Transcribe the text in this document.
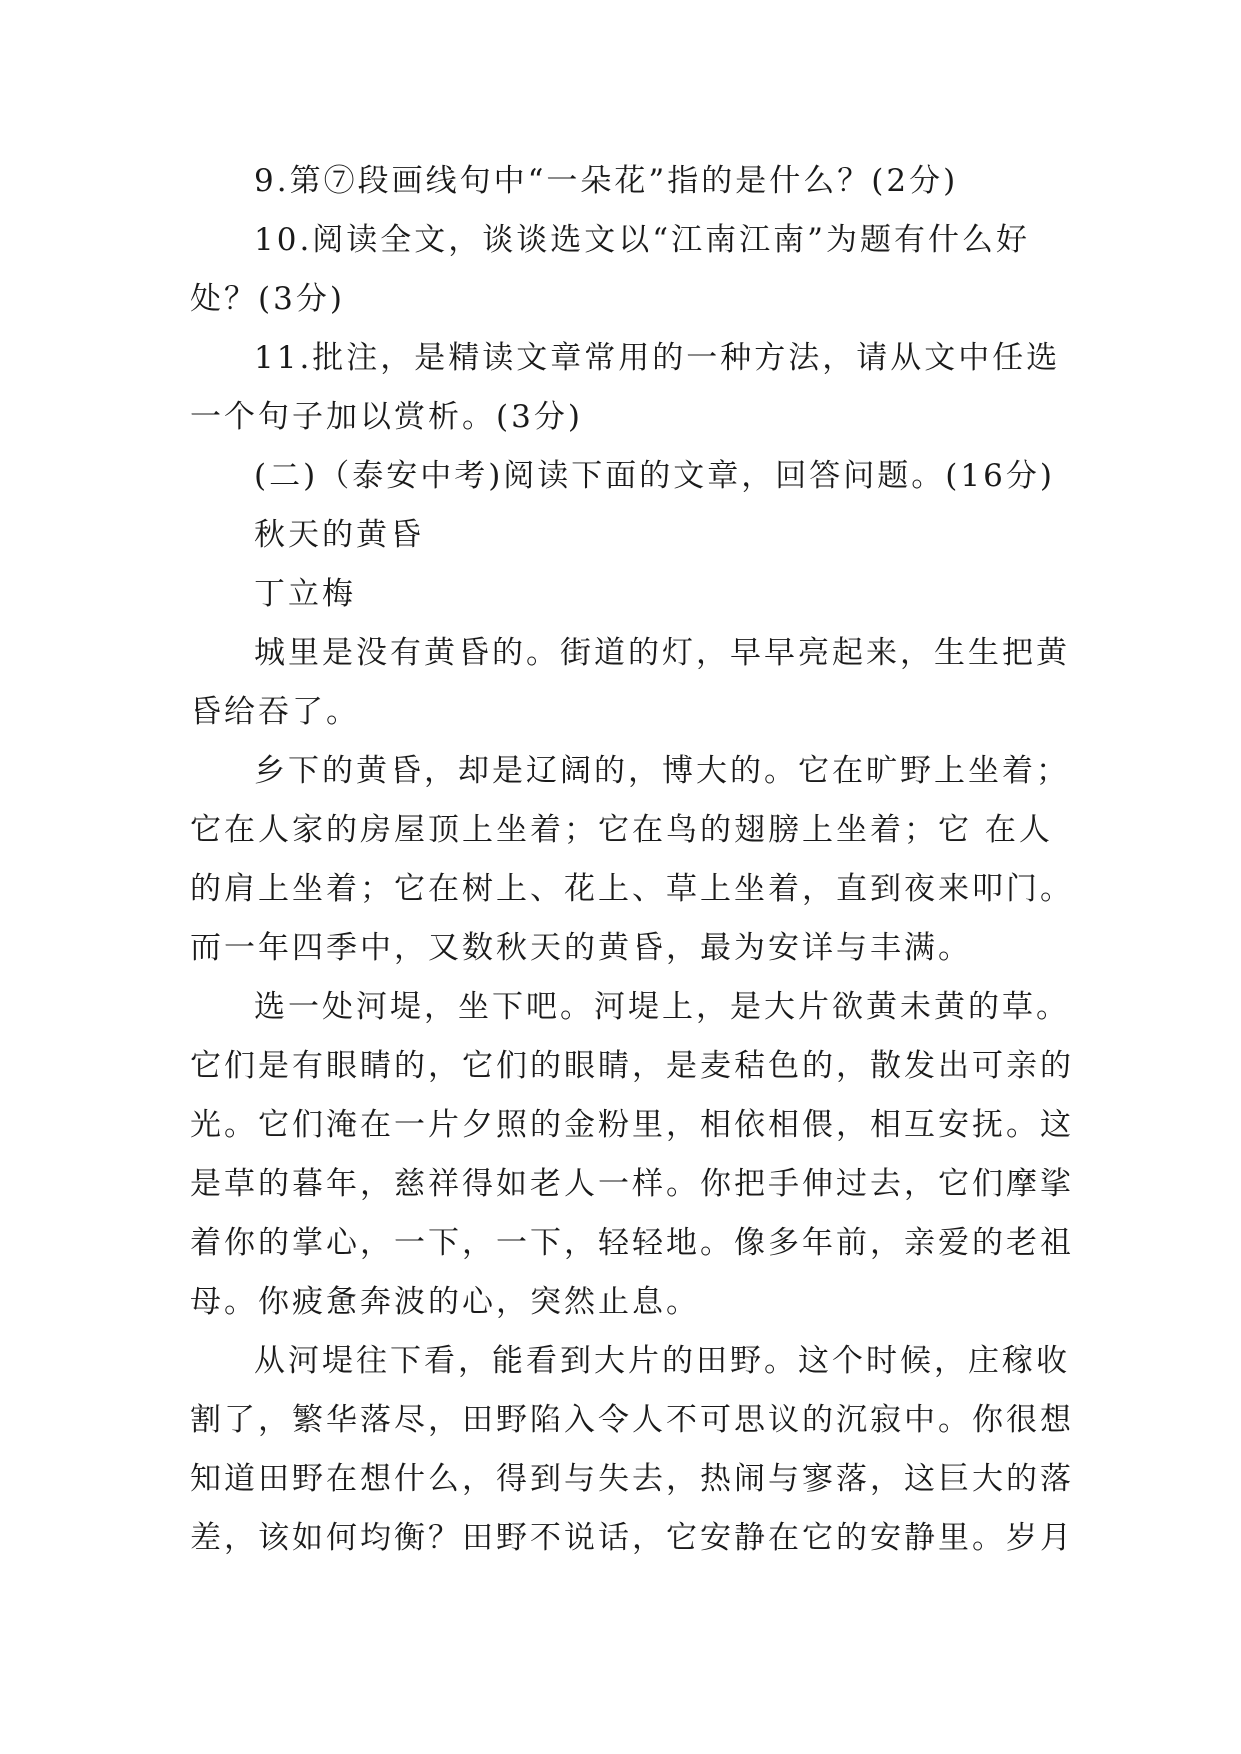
9.第⑦段画线句中“一朵花”指的是什么？(2分)
10.阅读全文，谈谈选文以“江南江南”为题有什么好
处？(3分)
11.批注，是精读文章常用的一种方法，请从文中任选
一个句子加以赏析。(3分)
(二)（泰安中考)阅读下面的文章，回答问题。(16分)
秋天的黄昏
丁立梅
城里是没有黄昏的。街道的灯，早早亮起来，生生把黄
昏给吞了。
乡下的黄昏，却是辽阔的，博大的。它在旷野上坐着；
它在人家的房屋顶上坐着；它在鸟的翅膀上坐着；它 在人
的肩上坐着；它在树上、花上、草上坐着，直到夜来叩门。
而一年四季中，又数秋天的黄昏，最为安详与丰满。
选一处河堤，坐下吧。河堤上，是大片欲黄未黄的草。
它们是有眼睛的，它们的眼睛，是麦秸色的，散发出可亲的
光。它们淹在一片夕照的金粉里，相依相偎，相互安抚。这
是草的暮年，慈祥得如老人一样。你把手伸过去，它们摩挲
着你的掌心，一下，一下，轻轻地。像多年前，亲爱的老祖
母。你疲惫奔波的心，突然止息。
从河堤往下看，能看到大片的田野。这个时候，庄稼收
割了，繁华落尽，田野陷入令人不可思议的沉寂中。你很想
知道田野在想什么，得到与失去，热闹与寥落，这巨大的落
差，该如何均衡？田野不说话，它安静在它的安静里。岁月
